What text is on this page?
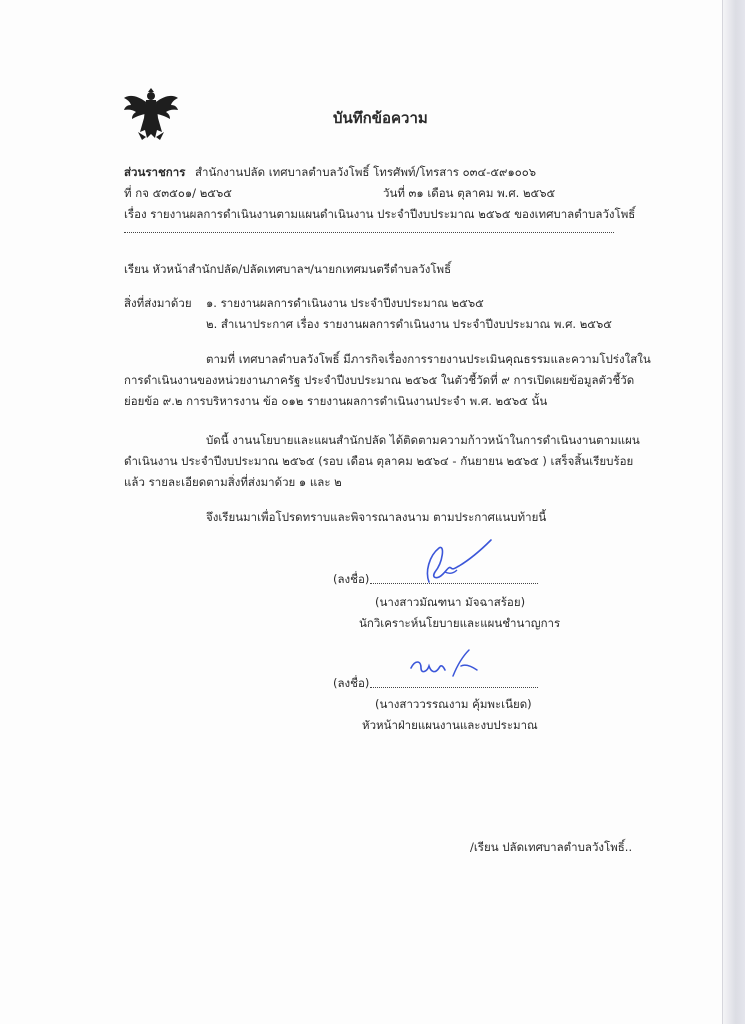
บันทึกข้อความ
ส่วนราชการ สำนักงานปลัด เทศบาลตำบลวังโพธิ์ โทรศัพท์/โทรสาร ๐๓๔-๕๙๑๐๐๖
ที่ กจ ๕๓๕๐๑/ ๒๕๖๕	วันที่ ๓๑ เดือน ตุลาคม พ.ศ. ๒๕๖๕
เรื่อง รายงานผลการดำเนินงานตามแผนดำเนินงาน ประจำปีงบประมาณ ๒๕๖๕ ของเทศบาลตำบลวังโพธิ์
เรียน หัวหน้าสำนักปลัด/ปลัดเทศบาลฯ/นายกเทศมนตรีตำบลวังโพธิ์
สิ่งที่ส่งมาด้วย ๑. รายงานผลการดำเนินงาน ประจำปีงบประมาณ ๒๕๖๕
๒. สำเนาประกาศ เรื่อง รายงานผลการดำเนินงาน ประจำปีงบประมาณ พ.ศ. ๒๕๖๕
ตามที่ เทศบาลตำบลวังโพธิ์ มีภารกิจเรื่องการรายงานประเมินคุณธรรมและความโปร่งใสใน
การดำเนินงานของหน่วยงานภาครัฐ ประจำปีงบประมาณ ๒๕๖๕ ในตัวชี้วัดที่ ๙ การเปิดเผยข้อมูลตัวชี้วัด
ย่อยข้อ ๙.๒ การบริหารงาน ข้อ ๐๑๒ รายงานผลการดำเนินงานประจำ พ.ศ. ๒๕๖๕ นั้น
บัดนี้ งานนโยบายและแผนสำนักปลัด ได้ติดตามความก้าวหน้าในการดำเนินงานตามแผน
ดำเนินงาน ประจำปีงบประมาณ ๒๕๖๕ (รอบ เดือน ตุลาคม ๒๕๖๔ - กันยายน ๒๕๖๕ ) เสร็จสิ้นเรียบร้อย
แล้ว รายละเอียดตามสิ่งที่ส่งมาด้วย ๑ และ ๒
จึงเรียนมาเพื่อโปรดทราบและพิจารณาลงนาม ตามประกาศแนบท้ายนี้
(ลงชื่อ)
(นางสาวมัณฑนา มัจฉาสร้อย)
นักวิเคราะห์นโยบายและแผนชำนาญการ
(ลงชื่อ)
(นางสาววรรณงาม คุ้มพะเนียด)
หัวหน้าฝ่ายแผนงานและงบประมาณ
/เรียน ปลัดเทศบาลตำบลวังโพธิ์..
